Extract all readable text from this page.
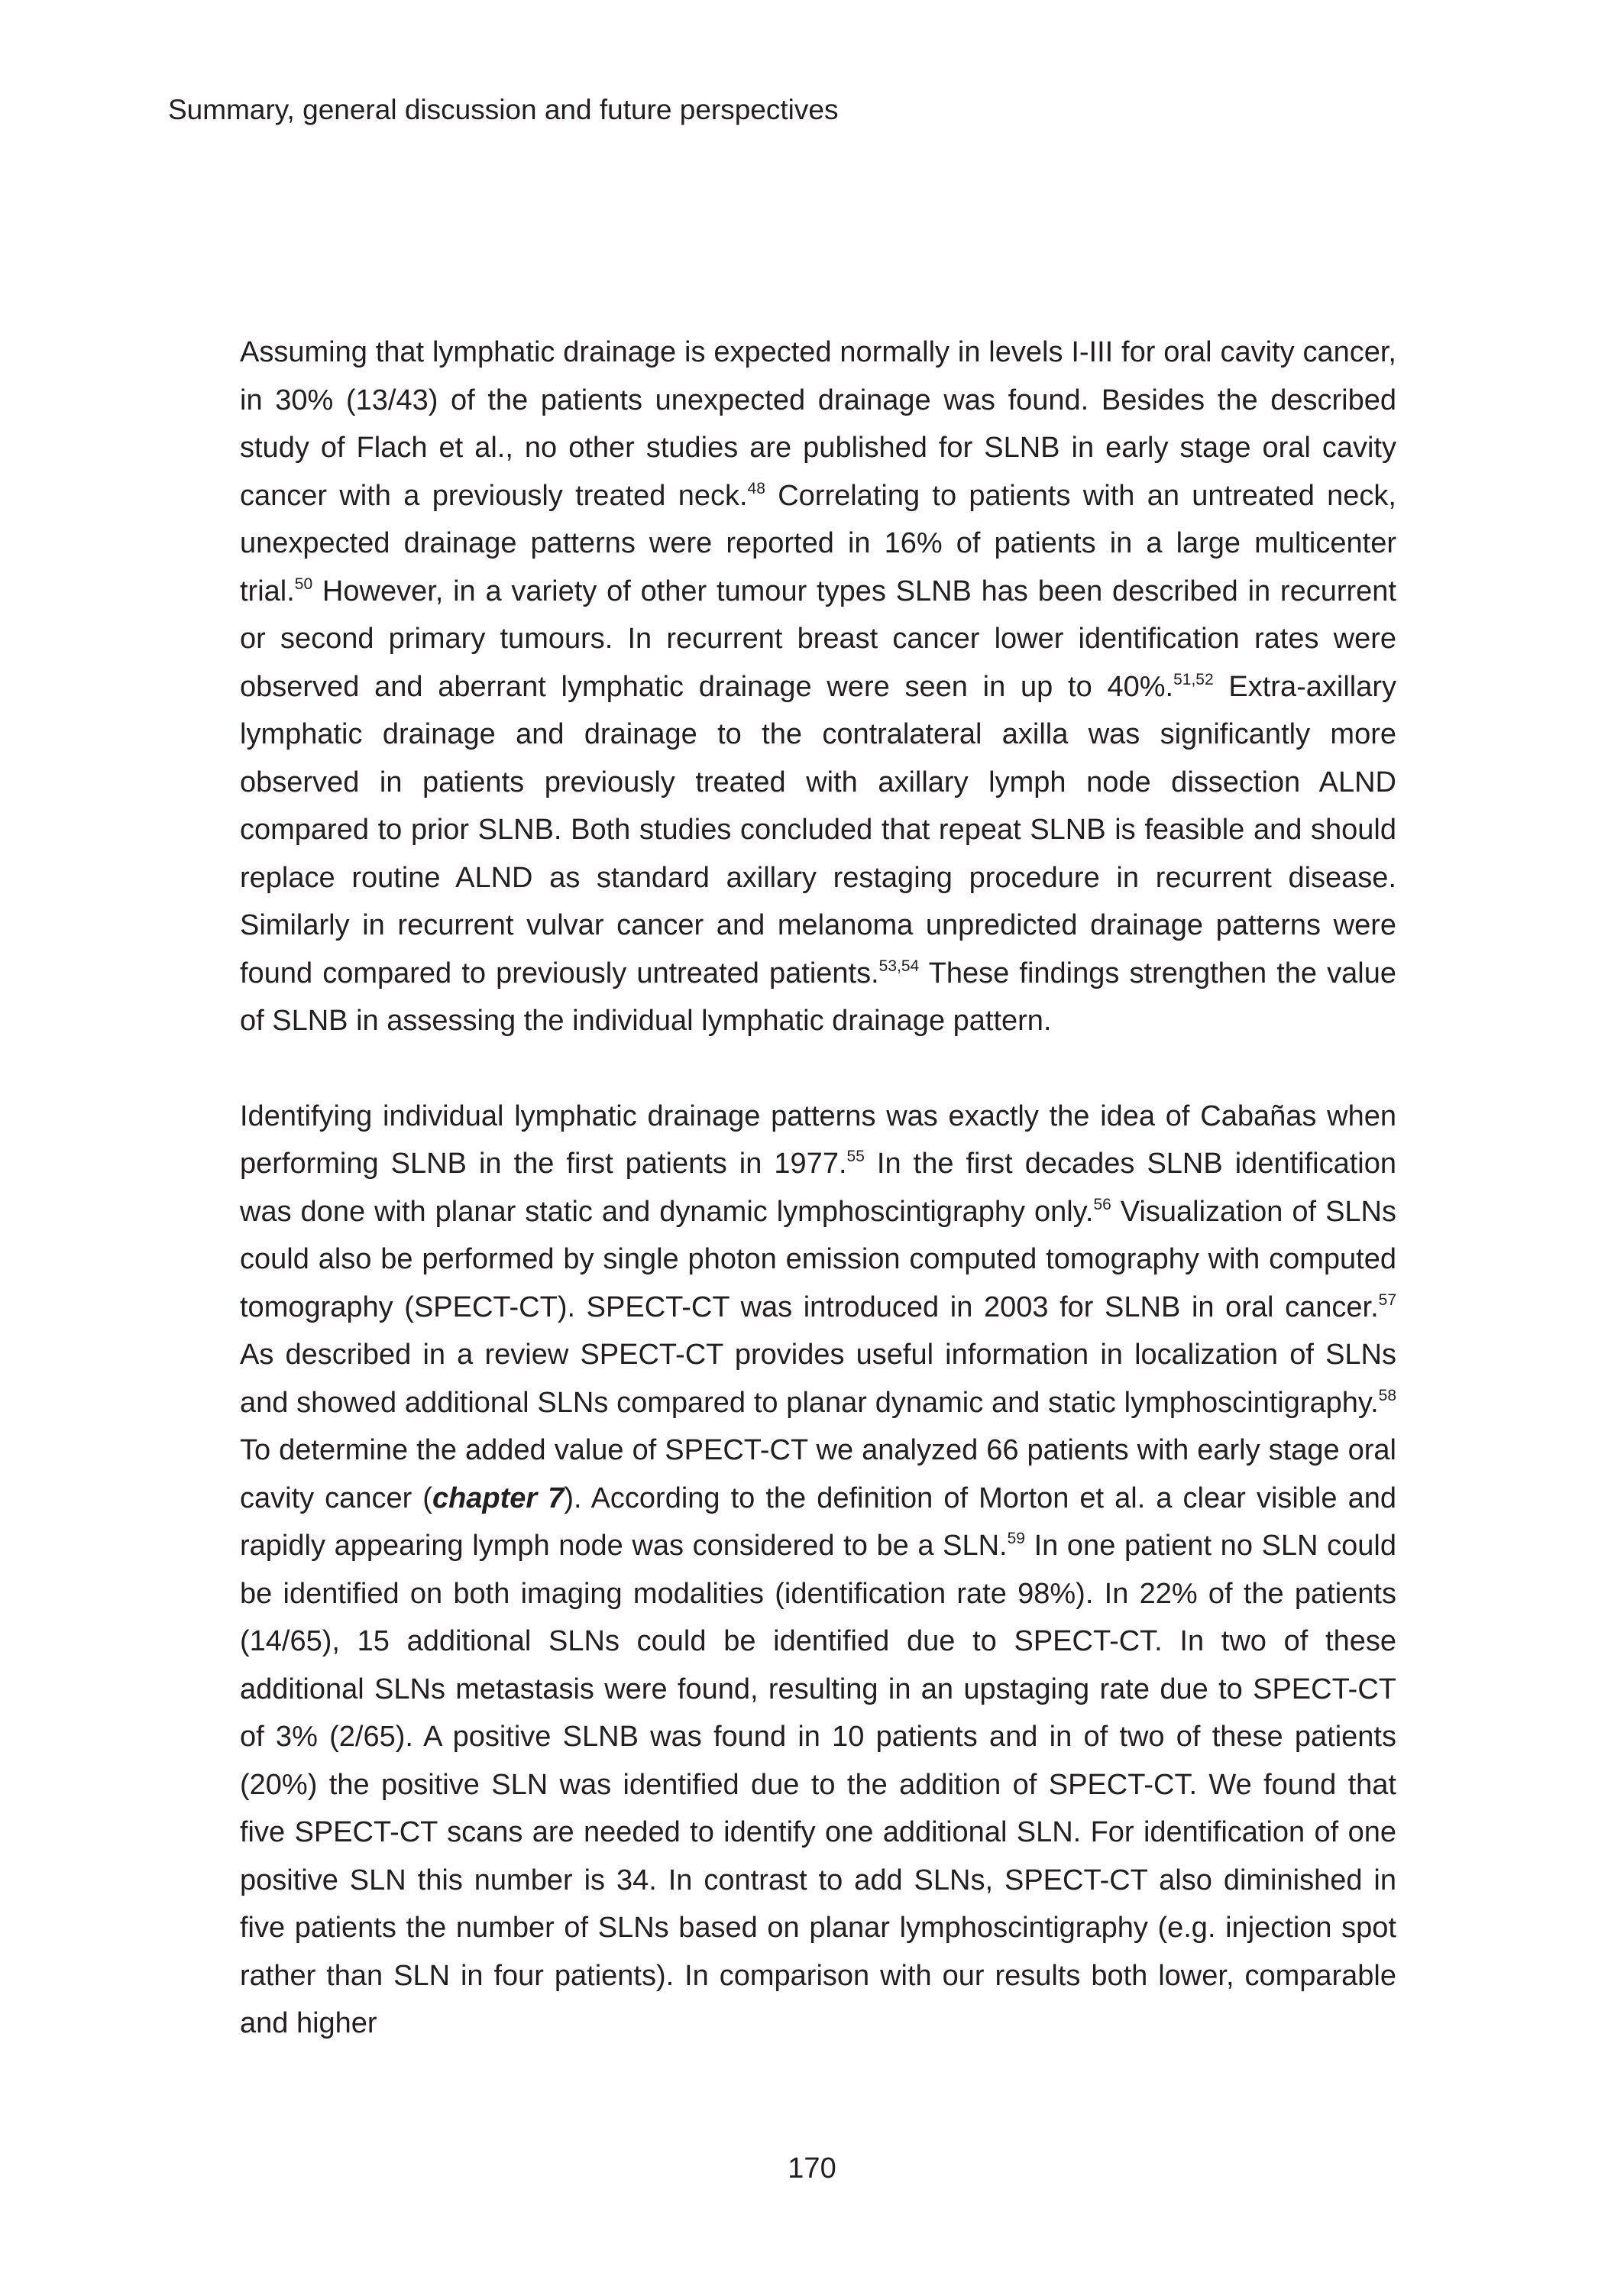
Summary, general discussion and future perspectives

Assuming that lymphatic drainage is expected normally in levels I-III for oral cavity cancer, in 30% (13/43) of the patients unexpected drainage was found. Besides the described study of Flach et al., no other studies are published for SLNB in early stage oral cavity cancer with a previously treated neck.$^{48}$ Correlating to patients with an untreated neck, unexpected drainage patterns were reported in 16% of patients in a large multicenter trial.$^{50}$ However, in a variety of other tumour types SLNB has been described in recurrent or second primary tumours. In recurrent breast cancer lower identification rates were observed and aberrant lymphatic drainage were seen in up to 40%.$^{51,52}$ Extra-axillary lymphatic drainage and drainage to the contralateral axilla was significantly more observed in patients previously treated with axillary lymph node dissection ALND compared to prior SLNB. Both studies concluded that repeat SLNB is feasible and should replace routine ALND as standard axillary restaging procedure in recurrent disease. Similarly in recurrent vulvar cancer and melanoma unpredicted drainage patterns were found compared to previously untreated patients.$^{53,54}$ These findings strengthen the value of SLNB in assessing the individual lymphatic drainage pattern.

Identifying individual lymphatic drainage patterns was exactly the idea of Cabañas when performing SLNB in the first patients in 1977.55 In the first decades SLNB identification was done with planar static and dynamic lymphoscintigraphy only.$^{56}$ Visualization of SLNs could also be performed by single photon emission computed tomography with computed tomography (SPECT-CT). SPECT-CT was introduced in 2003 for SLNB in oral cancer.$^{57}$ As described in a review SPECT-CT provides useful information in localization of SLNs and showed additional SLNs compared to planar dynamic and static lymphoscintigraphy.$^{58}$ To determine the added value of SPECT-CT we analyzed 66 patients with early stage oral cavity cancer (chapter 7). According to the definition of Morton et al. a clear visible and rapidly appearing lymph node was considered to be a SLN.$^{59}$ In one patient no SLN could be identified on both imaging modalities (identification rate 98%). In 22% of the patients (14/65), 15 additional SLNs could be identified due to SPECT-CT. In two of these additional SLNs metastasis were found, resulting in an upstaging rate due to SPECT-CT of 3% (2/65). A positive SLNB was found in 10 patients and in of two of these patients (20%) the positive SLN was identified due to the addition of SPECT-CT. We found that five SPECT-CT scans are needed to identify one additional SLN. For identification of one positive SLN this number is 34. In contrast to add SLNs, SPECT-CT also diminished in five patients the number of SLNs based on planar lymphoscintigraphy (e.g. injection spot rather than SLN in four patients). In comparison with our results both lower, comparable and higher

170
